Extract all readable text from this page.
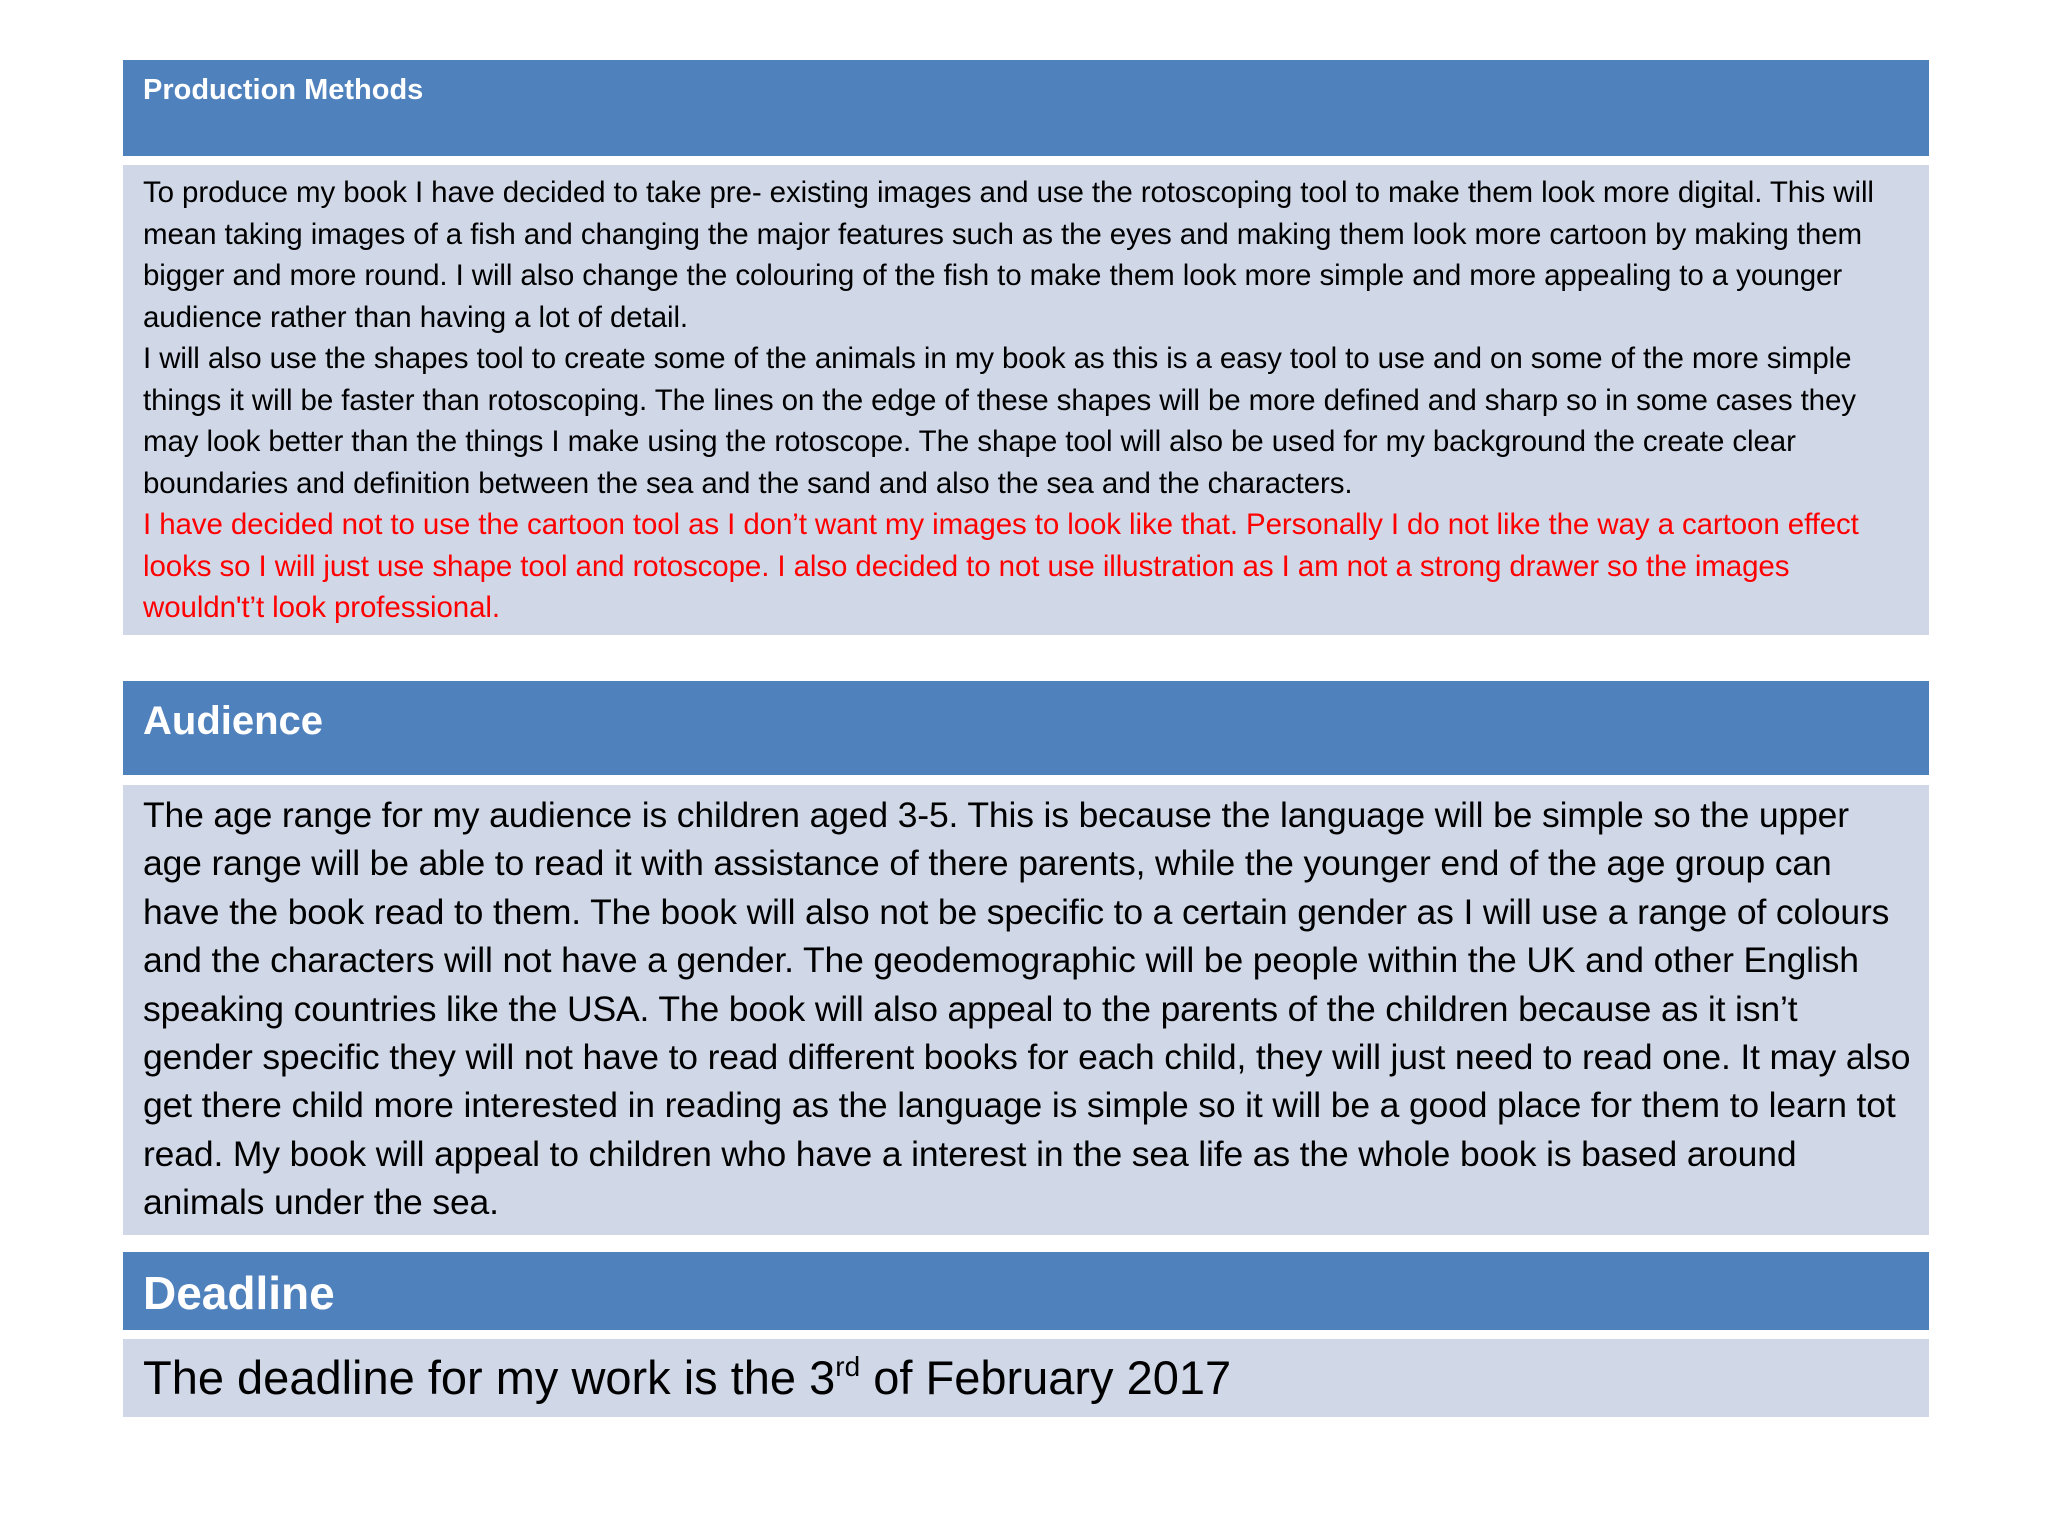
Production Methods

To produce my book I have decided to take pre- existing images and use the rotoscoping tool to make them look more digital. This will mean taking images of a fish and changing the major features such as the eyes and making them look more cartoon by making them bigger and more round. I will also change the colouring of the fish to make them look more simple and more appealing to a younger audience rather than having a lot of detail.

I will also use the shapes tool to create some of the animals in my book as this is a easy tool to use and on some of the more simple things it will be faster than rotoscoping. The lines on the edge of these shapes will be more defined and sharp so in some cases they may look better than the things I make using the rotoscope. The shape tool will also be used for my background the create clear boundaries and definition between the sea and the sand and also the sea and the characters.

I have decided not to use the cartoon tool as I don’t want my images to look like that. Personally I do not like the way a cartoon effect looks so I will just use shape tool and rotoscope. I also decided to not use illustration as I am not a strong drawer so the images wouldn't’t look professional.

Audience

The age range for my audience is children aged 3-5. This is because the language will be simple so the upper age range will be able to read it with assistance of there parents, while the younger end of the age group can have the book read to them. The book will also not be specific to a certain gender as I will use a range of colours and the characters will not have a gender. The geodemographic will be people within the UK and other English speaking countries like the USA. The book will also appeal to the parents of the children because as it isn’t gender specific they will not have to read different books for each child, they will just need to read one. It may also get there child more interested in reading as the language is simple so it will be a good place for them to learn tot read. My book will appeal to children who have a interest in the sea life as the whole book is based around animals under the sea.

Deadline
The deadline for my work is the 3rd of February 2017
